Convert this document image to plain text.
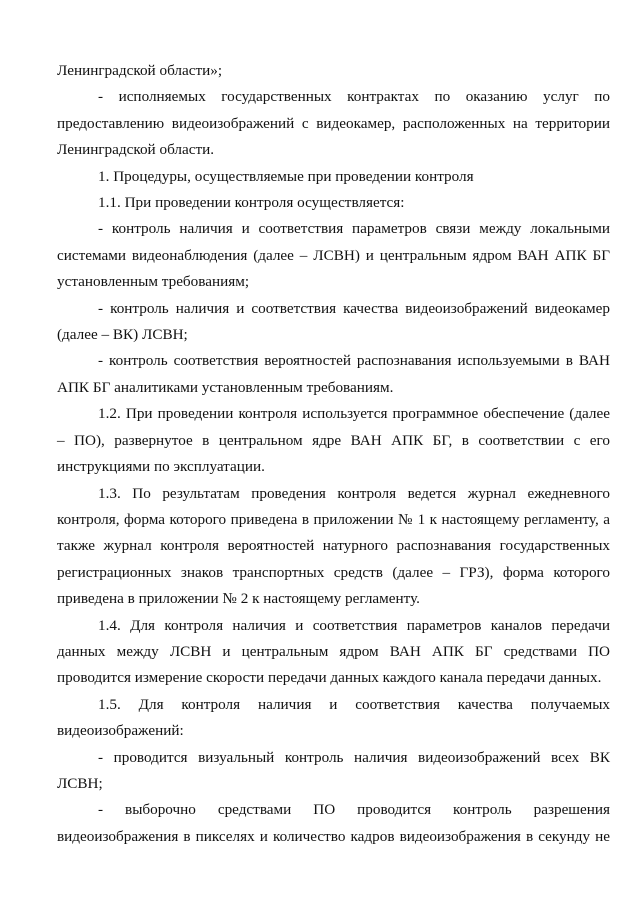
Ленинградской области»;

- исполняемых государственных контрактах по оказанию услуг по предоставлению видеоизображений с видеокамер, расположенных на территории Ленинградской области.

1. Процедуры, осуществляемые при проведении контроля

1.1. При проведении контроля осуществляется:

- контроль наличия и соответствия параметров связи между локальными системами видеонаблюдения (далее – ЛСВН) и центральным ядром ВАН АПК БГ установленным требованиям;

- контроль наличия и соответствия качества видеоизображений видеокамер (далее – ВК) ЛСВН;

- контроль соответствия вероятностей распознавания используемыми в ВАН АПК БГ аналитиками установленным требованиям.

1.2. При проведении контроля используется программное обеспечение (далее – ПО), развернутое в центральном ядре ВАН АПК БГ, в соответствии с его инструкциями по эксплуатации.

1.3. По результатам проведения контроля ведется журнал ежедневного контроля, форма которого приведена в приложении № 1 к настоящему регламенту, а также журнал контроля вероятностей натурного распознавания государственных регистрационных знаков транспортных средств (далее – ГРЗ), форма которого приведена в приложении № 2 к настоящему регламенту.

1.4. Для контроля наличия и соответствия параметров каналов передачи данных между ЛСВН и центральным ядром ВАН АПК БГ средствами ПО проводится измерение скорости передачи данных каждого канала передачи данных.

1.5. Для контроля наличия и соответствия качества получаемых видеоизображений:

- проводится визуальный контроль наличия видеоизображений всех ВК ЛСВН;

- выборочно средствами ПО проводится контроль разрешения видеоизображения в пикселях и количество кадров видеоизображения в секунду не
